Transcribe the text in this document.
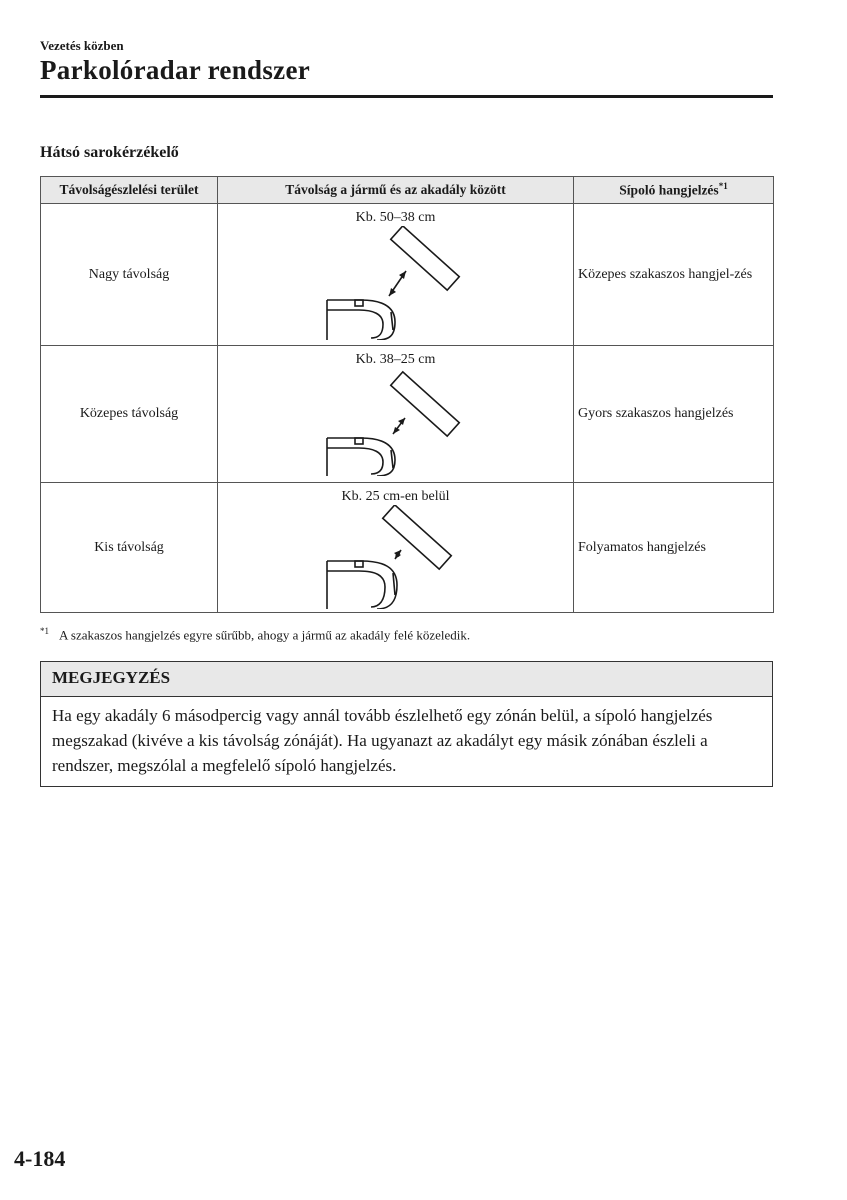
Vezetés közben
Parkolóradar rendszer
Hátsó sarokérzékelő
Távolságészlelési terület	Távolság a jármű és az akadály között	Sípoló hangjelzés$^{*1}$
Nagy távolság	Kb. 50–38 cm	Közepes szakaszos hangjel-zés
Közepes távolság	Kb. 38–25 cm	Gyors szakaszos hangjelzés
Kis távolság	Kb. 25 cm-en belül	Folyamatos hangjelzés
$^{*1}$ A szakaszos hangjelzés egyre sűrűbb, ahogy a jármű az akadály felé közeledik.
MEGJEGYZÉS
Ha egy akadály 6 másodpercig vagy annál tovább észlelhető egy zónán belül, a sípoló hangjelzés megszakad (kivéve a kis távolság zónáját). Ha ugyanazt az akadályt egy másik zónában észleli a rendszer, megszólal a megfelelő sípoló hangjelzés.
4-184
